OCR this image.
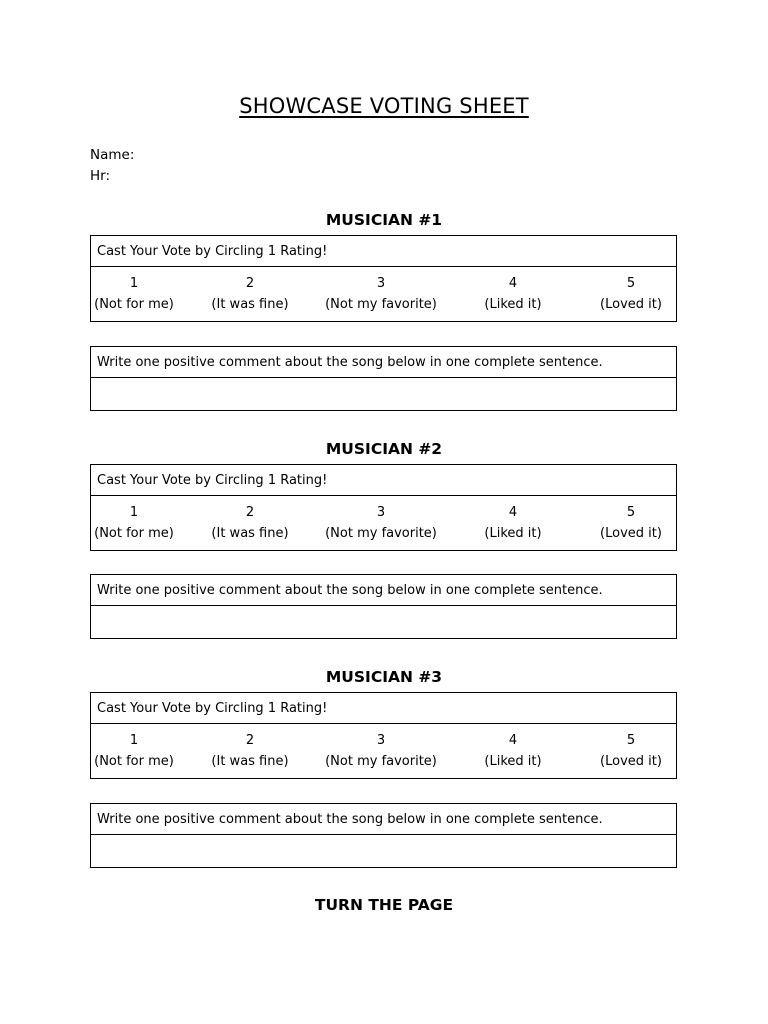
SHOWCASE VOTING SHEET
Name:
Hr:
MUSICIAN #1
Cast Your Vote by Circling 1 Rating!
1
(Not for me)
2
(It was fine)
3
(Not my favorite)
4
(Liked it)
5
(Loved it)
Write one positive comment about the song below in one complete sentence.
MUSICIAN #2
Cast Your Vote by Circling 1 Rating!
1
(Not for me)
2
(It was fine)
3
(Not my favorite)
4
(Liked it)
5
(Loved it)
Write one positive comment about the song below in one complete sentence.
MUSICIAN #3
Cast Your Vote by Circling 1 Rating!
1
(Not for me)
2
(It was fine)
3
(Not my favorite)
4
(Liked it)
5
(Loved it)
Write one positive comment about the song below in one complete sentence.
TURN THE PAGE
